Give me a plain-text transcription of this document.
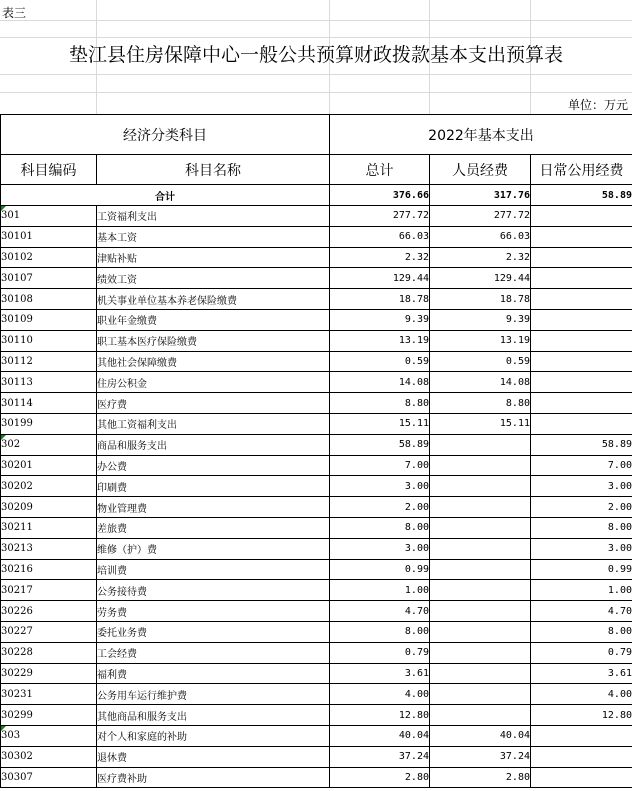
表三
垫江县住房保障中心一般公共预算财政拨款基本支出预算表
单位：万元
经济分类科目		2022年基本支出		
科目编码	科目名称	总计	人员经费	日常公用经费
合计		376.66	317.76	58.89
301	工资福利支出	277.72	277.72	
30101	基本工资	66.03	66.03	
30102	津贴补贴	2.32	2.32	
30107	绩效工资	129.44	129.44	
30108	机关事业单位基本养老保险缴费	18.78	18.78	
30109	职业年金缴费	9.39	9.39	
30110	职工基本医疗保险缴费	13.19	13.19	
30112	其他社会保障缴费	0.59	0.59	
30113	住房公积金	14.08	14.08	
30114	医疗费	8.80	8.80	
30199	其他工资福利支出	15.11	15.11	
302	商品和服务支出	58.89		58.89
30201	办公费	7.00		7.00
30202	印刷费	3.00		3.00
30209	物业管理费	2.00		2.00
30211	差旅费	8.00		8.00
30213	维修（护）费	3.00		3.00
30216	培训费	0.99		0.99
30217	公务接待费	1.00		1.00
30226	劳务费	4.70		4.70
30227	委托业务费	8.00		8.00
30228	工会经费	0.79		0.79
30229	福利费	3.61		3.61
30231	公务用车运行维护费	4.00		4.00
30299	其他商品和服务支出	12.80		12.80
303	对个人和家庭的补助	40.04	40.04	
30302	退休费	37.24	37.24	
30307	医疗费补助	2.80	2.80	
